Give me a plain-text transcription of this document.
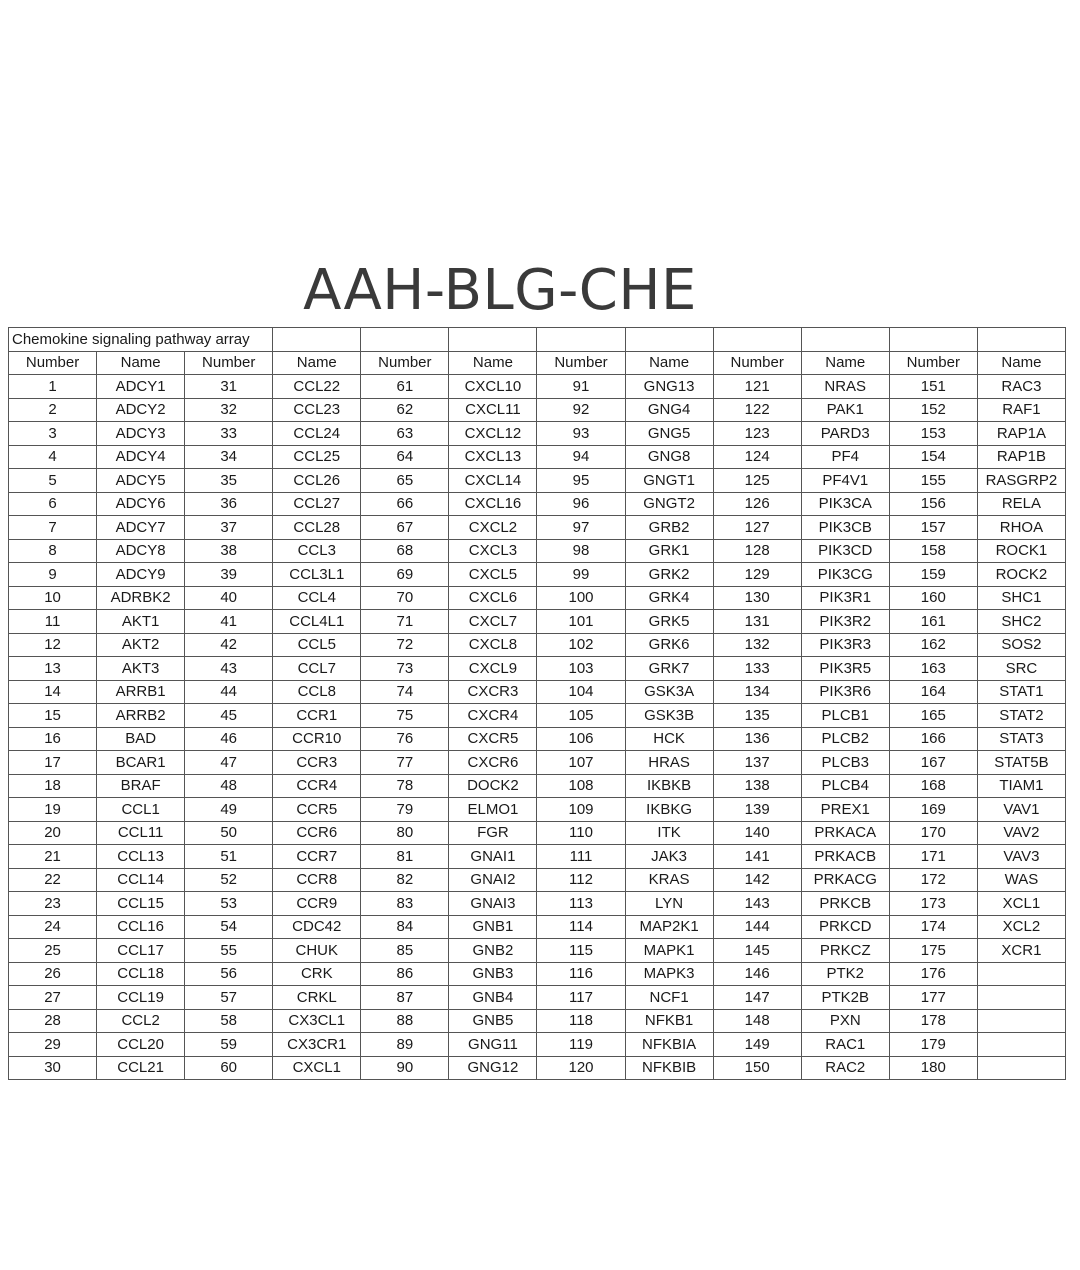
AAH-BLG-CHE
Chemokine signaling pathway array											
Number	Name	Number	Name	Number	Name	Number	Name	Number	Name	Number	Name
1	ADCY1	31	CCL22	61	CXCL10	91	GNG13	121	NRAS	151	RAC3
2	ADCY2	32	CCL23	62	CXCL11	92	GNG4	122	PAK1	152	RAF1
3	ADCY3	33	CCL24	63	CXCL12	93	GNG5	123	PARD3	153	RAP1A
4	ADCY4	34	CCL25	64	CXCL13	94	GNG8	124	PF4	154	RAP1B
5	ADCY5	35	CCL26	65	CXCL14	95	GNGT1	125	PF4V1	155	RASGRP2
6	ADCY6	36	CCL27	66	CXCL16	96	GNGT2	126	PIK3CA	156	RELA
7	ADCY7	37	CCL28	67	CXCL2	97	GRB2	127	PIK3CB	157	RHOA
8	ADCY8	38	CCL3	68	CXCL3	98	GRK1	128	PIK3CD	158	ROCK1
9	ADCY9	39	CCL3L1	69	CXCL5	99	GRK2	129	PIK3CG	159	ROCK2
10	ADRBK2	40	CCL4	70	CXCL6	100	GRK4	130	PIK3R1	160	SHC1
11	AKT1	41	CCL4L1	71	CXCL7	101	GRK5	131	PIK3R2	161	SHC2
12	AKT2	42	CCL5	72	CXCL8	102	GRK6	132	PIK3R3	162	SOS2
13	AKT3	43	CCL7	73	CXCL9	103	GRK7	133	PIK3R5	163	SRC
14	ARRB1	44	CCL8	74	CXCR3	104	GSK3A	134	PIK3R6	164	STAT1
15	ARRB2	45	CCR1	75	CXCR4	105	GSK3B	135	PLCB1	165	STAT2
16	BAD	46	CCR10	76	CXCR5	106	HCK	136	PLCB2	166	STAT3
17	BCAR1	47	CCR3	77	CXCR6	107	HRAS	137	PLCB3	167	STAT5B
18	BRAF	48	CCR4	78	DOCK2	108	IKBKB	138	PLCB4	168	TIAM1
19	CCL1	49	CCR5	79	ELMO1	109	IKBKG	139	PREX1	169	VAV1
20	CCL11	50	CCR6	80	FGR	110	ITK	140	PRKACA	170	VAV2
21	CCL13	51	CCR7	81	GNAI1	111	JAK3	141	PRKACB	171	VAV3
22	CCL14	52	CCR8	82	GNAI2	112	KRAS	142	PRKACG	172	WAS
23	CCL15	53	CCR9	83	GNAI3	113	LYN	143	PRKCB	173	XCL1
24	CCL16	54	CDC42	84	GNB1	114	MAP2K1	144	PRKCD	174	XCL2
25	CCL17	55	CHUK	85	GNB2	115	MAPK1	145	PRKCZ	175	XCR1
26	CCL18	56	CRK	86	GNB3	116	MAPK3	146	PTK2	176	
27	CCL19	57	CRKL	87	GNB4	117	NCF1	147	PTK2B	177	
28	CCL2	58	CX3CL1	88	GNB5	118	NFKB1	148	PXN	178	
29	CCL20	59	CX3CR1	89	GNG11	119	NFKBIA	149	RAC1	179	
30	CCL21	60	CXCL1	90	GNG12	120	NFKBIB	150	RAC2	180	
